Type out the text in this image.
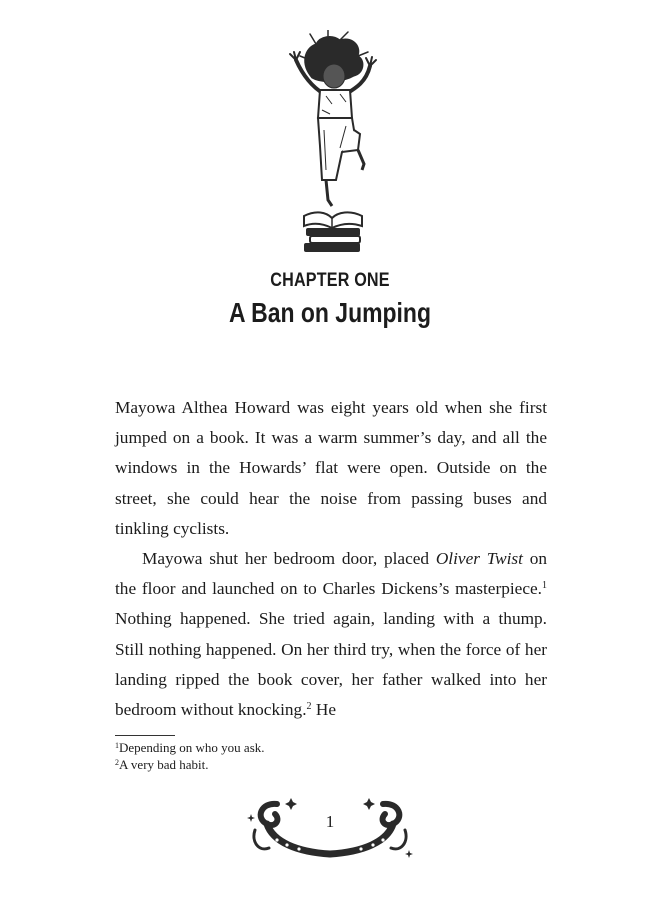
CHAPTER ONE
A Ban on Jumping

Mayowa Althea Howard was eight years old when she first jumped on a book. It was a warm summer’s day, and all the windows in the Howards’ flat were open. Outside on the street, she could hear the noise from passing buses and tinkling cyclists.

Mayowa shut her bedroom door, placed Oliver Twist on the floor and launched on to Charles Dickens’s masterpiece.$^1$ Nothing happened. She tried again, landing with a thump. Still nothing happened. On her third try, when the force of her landing ripped the book cover, her father walked into her bedroom without knocking.$^2$ He

$^1$Depending on who you ask.
$^2$A very bad habit.
1
